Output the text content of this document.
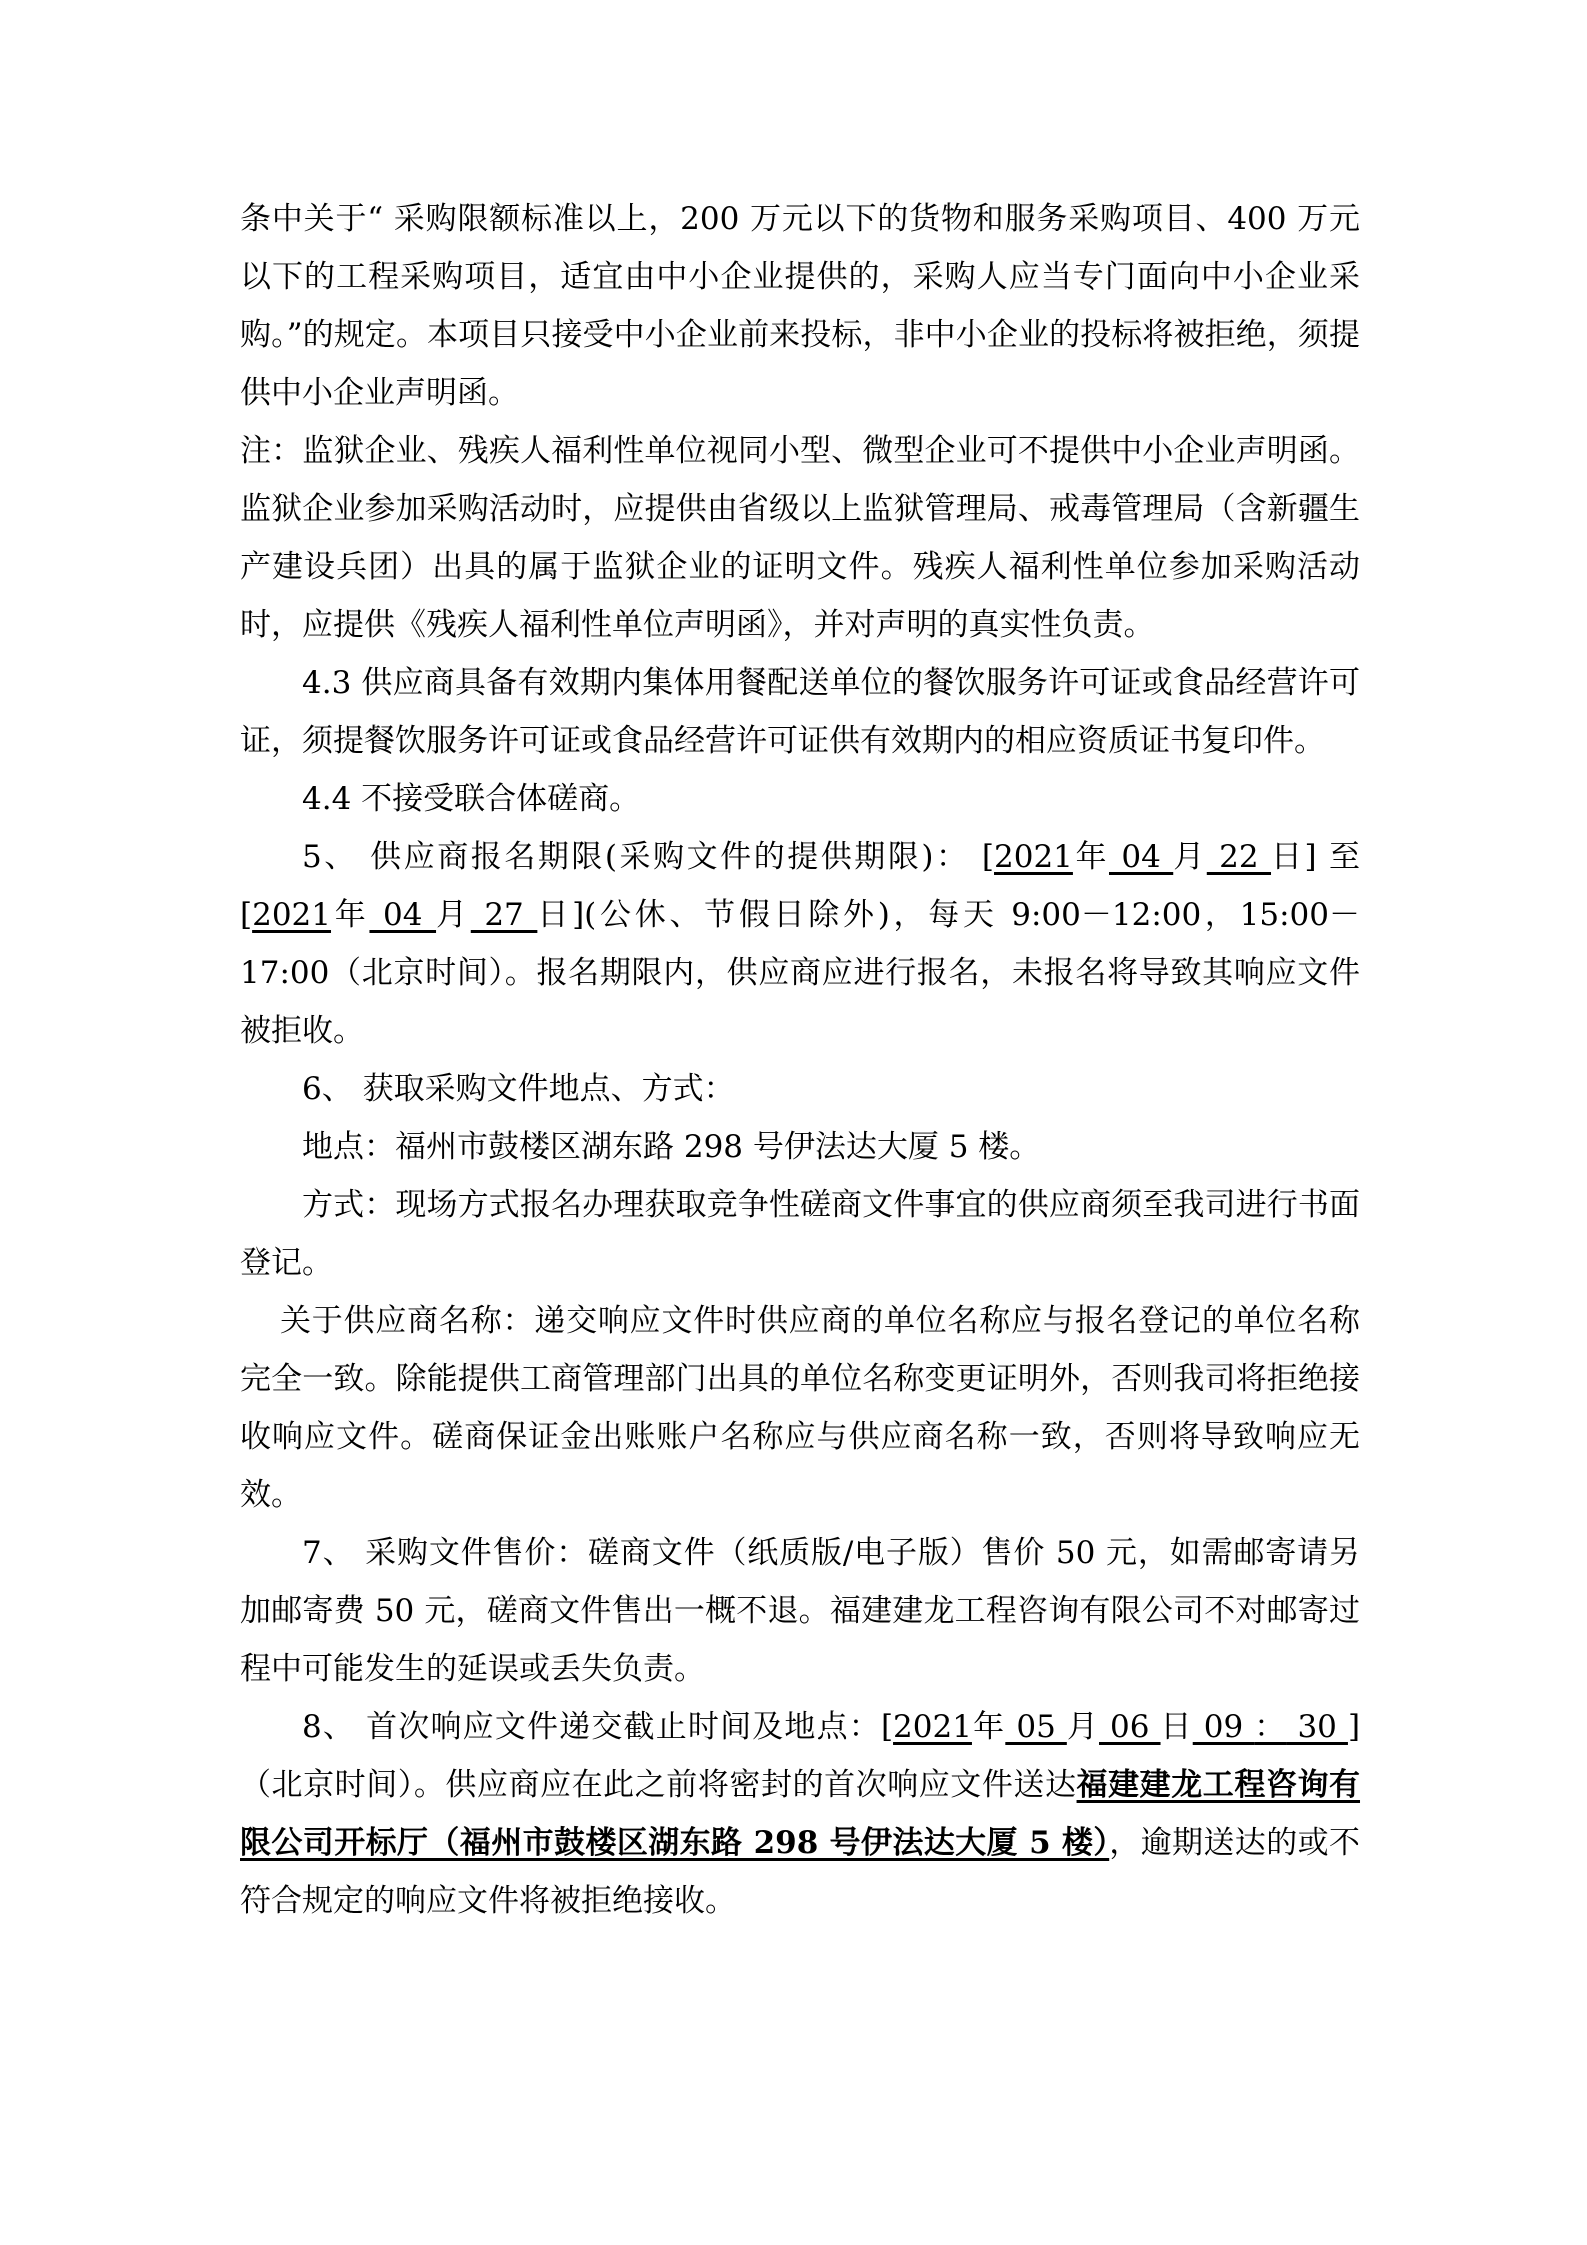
条中关于“ 采购限额标准以上，200 万元以下的货物和服务采购项目、400 万元以下的工程采购项目，适宜由中小企业提供的，采购人应当专门面向中小企业采购。”的规定。本项目只接受中小企业前来投标，非中小企业的投标将被拒绝，须提供中小企业声明函。

注：监狱企业、残疾人福利性单位视同小型、微型企业可不提供中小企业声明函。监狱企业参加采购活动时，应提供由省级以上监狱管理局、戒毒管理局（含新疆生产建设兵团）出具的属于监狱企业的证明文件。残疾人福利性单位参加采购活动时，应提供《残疾人福利性单位声明函》，并对声明的真实性负责。

4.3 供应商具备有效期内集体用餐配送单位的餐饮服务许可证或食品经营许可证，须提餐饮服务许可证或食品经营许可证供有效期内的相应资质证书复印件。

4.4 不接受联合体磋商。

5、 供应商报名期限(采购文件的提供期限)： [2021年 04 月 22 日] 至[2021年 04 月 27 日](公休、节假日除外)，每天 9:00－12:00，15:00－17:00（北京时间）。报名期限内，供应商应进行报名，未报名将导致其响应文件被拒收。

6、 获取采购文件地点、方式：

地点：福州市鼓楼区湖东路 298 号伊法达大厦 5 楼。

方式：现场方式报名办理获取竞争性磋商文件事宜的供应商须至我司进行书面登记。

关于供应商名称：递交响应文件时供应商的单位名称应与报名登记的单位名称完全一致。除能提供工商管理部门出具的单位名称变更证明外，否则我司将拒绝接收响应文件。磋商保证金出账账户名称应与供应商名称一致，否则将导致响应无效。

7、 采购文件售价：磋商文件（纸质版/电子版）售价 50 元，如需邮寄请另加邮寄费 50 元，磋商文件售出一概不退。福建建龙工程咨询有限公司不对邮寄过程中可能发生的延误或丢失负责。

8、 首次响应文件递交截止时间及地点：[2021年 05 月 06 日 09 ： 30 ]（北京时间）。供应商应在此之前将密封的首次响应文件送达福建建龙工程咨询有限公司开标厅（福州市鼓楼区湖东路 298 号伊法达大厦 5 楼），逾期送达的或不符合规定的响应文件将被拒绝接收。
